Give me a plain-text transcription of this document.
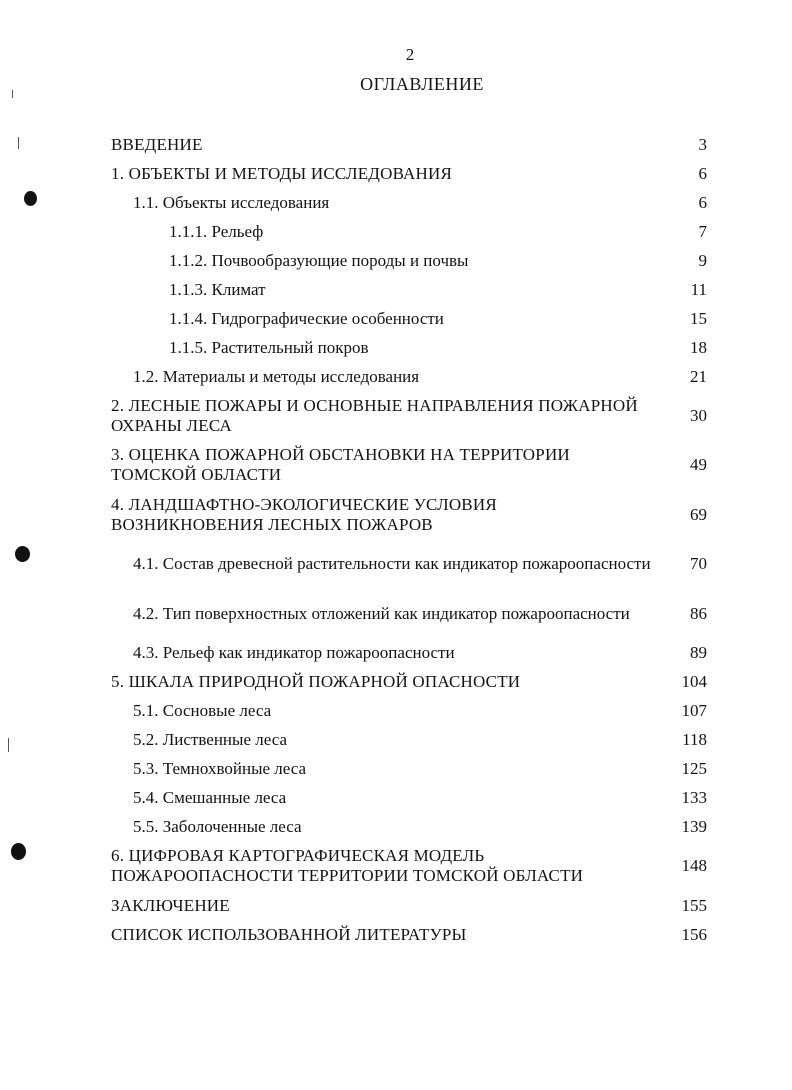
2
ОГЛАВЛЕНИЕ
ВВЕДЕНИЕ	3
1. ОБЪЕКТЫ И МЕТОДЫ ИССЛЕДОВАНИЯ	6
1.1. Объекты исследования	6
1.1.1. Рельеф	7
1.1.2. Почвообразующие породы и почвы	9
1.1.3. Климат	11
1.1.4. Гидрографические особенности	15
1.1.5. Растительный покров	18
1.2. Материалы и методы исследования	21
2. ЛЕСНЫЕ ПОЖАРЫ И ОСНОВНЫЕ НАПРАВЛЕНИЯ ПОЖАРНОЙ ОХРАНЫ ЛЕСА	30
3. ОЦЕНКА ПОЖАРНОЙ ОБСТАНОВКИ НА ТЕРРИТОРИИ ТОМСКОЙ ОБЛАСТИ	49
4. ЛАНДШАФТНО-ЭКОЛОГИЧЕСКИЕ УСЛОВИЯ ВОЗНИКНОВЕНИЯ ЛЕСНЫХ ПОЖАРОВ	69

4.1. Состав древесной растительности как индикатор пожароопасности	70

4.2. Тип поверхностных отложений как индикатор пожароопасности	86
4.3. Рельеф как индикатор пожароопасности	89
5. ШКАЛА ПРИРОДНОЙ ПОЖАРНОЙ ОПАСНОСТИ	104
5.1. Сосновые леса	107
5.2. Лиственные леса	118
5.3. Темнохвойные леса	125
5.4. Смешанные леса	133
5.5. Заболоченные леса	139
6. ЦИФРОВАЯ КАРТОГРАФИЧЕСКАЯ МОДЕЛЬ ПОЖАРООПАСНОСТИ ТЕРРИТОРИИ ТОМСКОЙ ОБЛАСТИ	148
ЗАКЛЮЧЕНИЕ	155
СПИСОК ИСПОЛЬЗОВАННОЙ ЛИТЕРАТУРЫ	156
